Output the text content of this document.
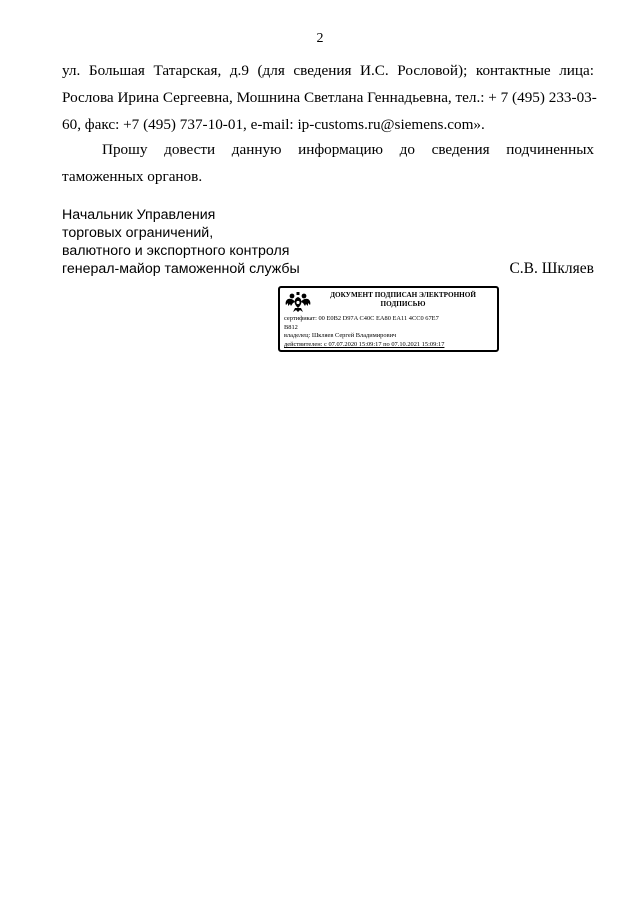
2
ул. Большая Татарская, д.9 (для сведения И.С. Рословой); контактные лица:
Рослова Ирина Сергеевна, Мошнина Светлана Геннадьевна, тел.: + 7 (495) 233-03-
60, факс: +7 (495) 737-10-01, e-mail: ip-customs.ru@siemens.com».
Прошу довести данную информацию до сведения подчиненных
таможенных органов.
Начальник Управления
торговых ограничений,
валютного и экспортного контроля
генерал-майор таможенной службы	С.В. Шкляев
ДОКУМЕНТ ПОДПИСАН ЭЛЕКТРОННОЙ ПОДПИСЬЮ
сертификат: 00 E0B2 D97A C40C EA80 EA11 4CC0 67E7
B812
владелец: Шкляев Сергей Владимирович
действителен: с 07.07.2020 15:09:17 по 07.10.2021 15:09:17
